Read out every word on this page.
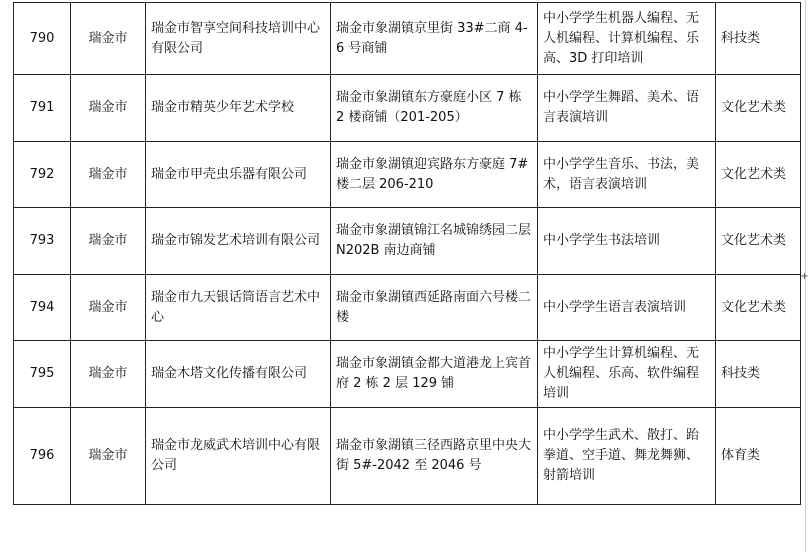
790	瑞金市	瑞金市智享空间科技培训中心有限公司	瑞金市象湖镇京里街 33#二商 4-6 号商铺	中小学学生机器人编程、无人机编程、计算机编程、乐高、3D 打印培训	科技类
791	瑞金市	瑞金市精英少年艺术学校	瑞金市象湖镇东方豪庭小区 7 栋 2 楼商铺（201-205）	中小学学生舞蹈、美术、语言表演培训	文化艺术类
792	瑞金市	瑞金市甲壳虫乐器有限公司	瑞金市象湖镇迎宾路东方豪庭 7#楼二层 206-210	中小学学生音乐、书法，美术，语言表演培训	文化艺术类
793	瑞金市	瑞金市锦发艺术培训有限公司	瑞金市象湖镇锦江名城锦绣园二层 N202B 南边商铺	中小学学生书法培训	文化艺术类
794	瑞金市	瑞金市九天银话筒语言艺术中心	瑞金市象湖镇西延路南面六号楼二楼	中小学学生语言表演培训	文化艺术类
795	瑞金市	瑞金木塔文化传播有限公司	瑞金市象湖镇金都大道港龙上宾首府 2 栋 2 层 129 铺	中小学学生计算机编程、无人机编程、乐高、软件编程培训	科技类
796	瑞金市	瑞金市龙威武术培训中心有限公司	瑞金市象湖镇三径西路京里中央大街 5#-2042 至 2046 号	中小学学生武术、散打、跆拳道、空手道、舞龙舞狮、射箭培训	体育类
+
